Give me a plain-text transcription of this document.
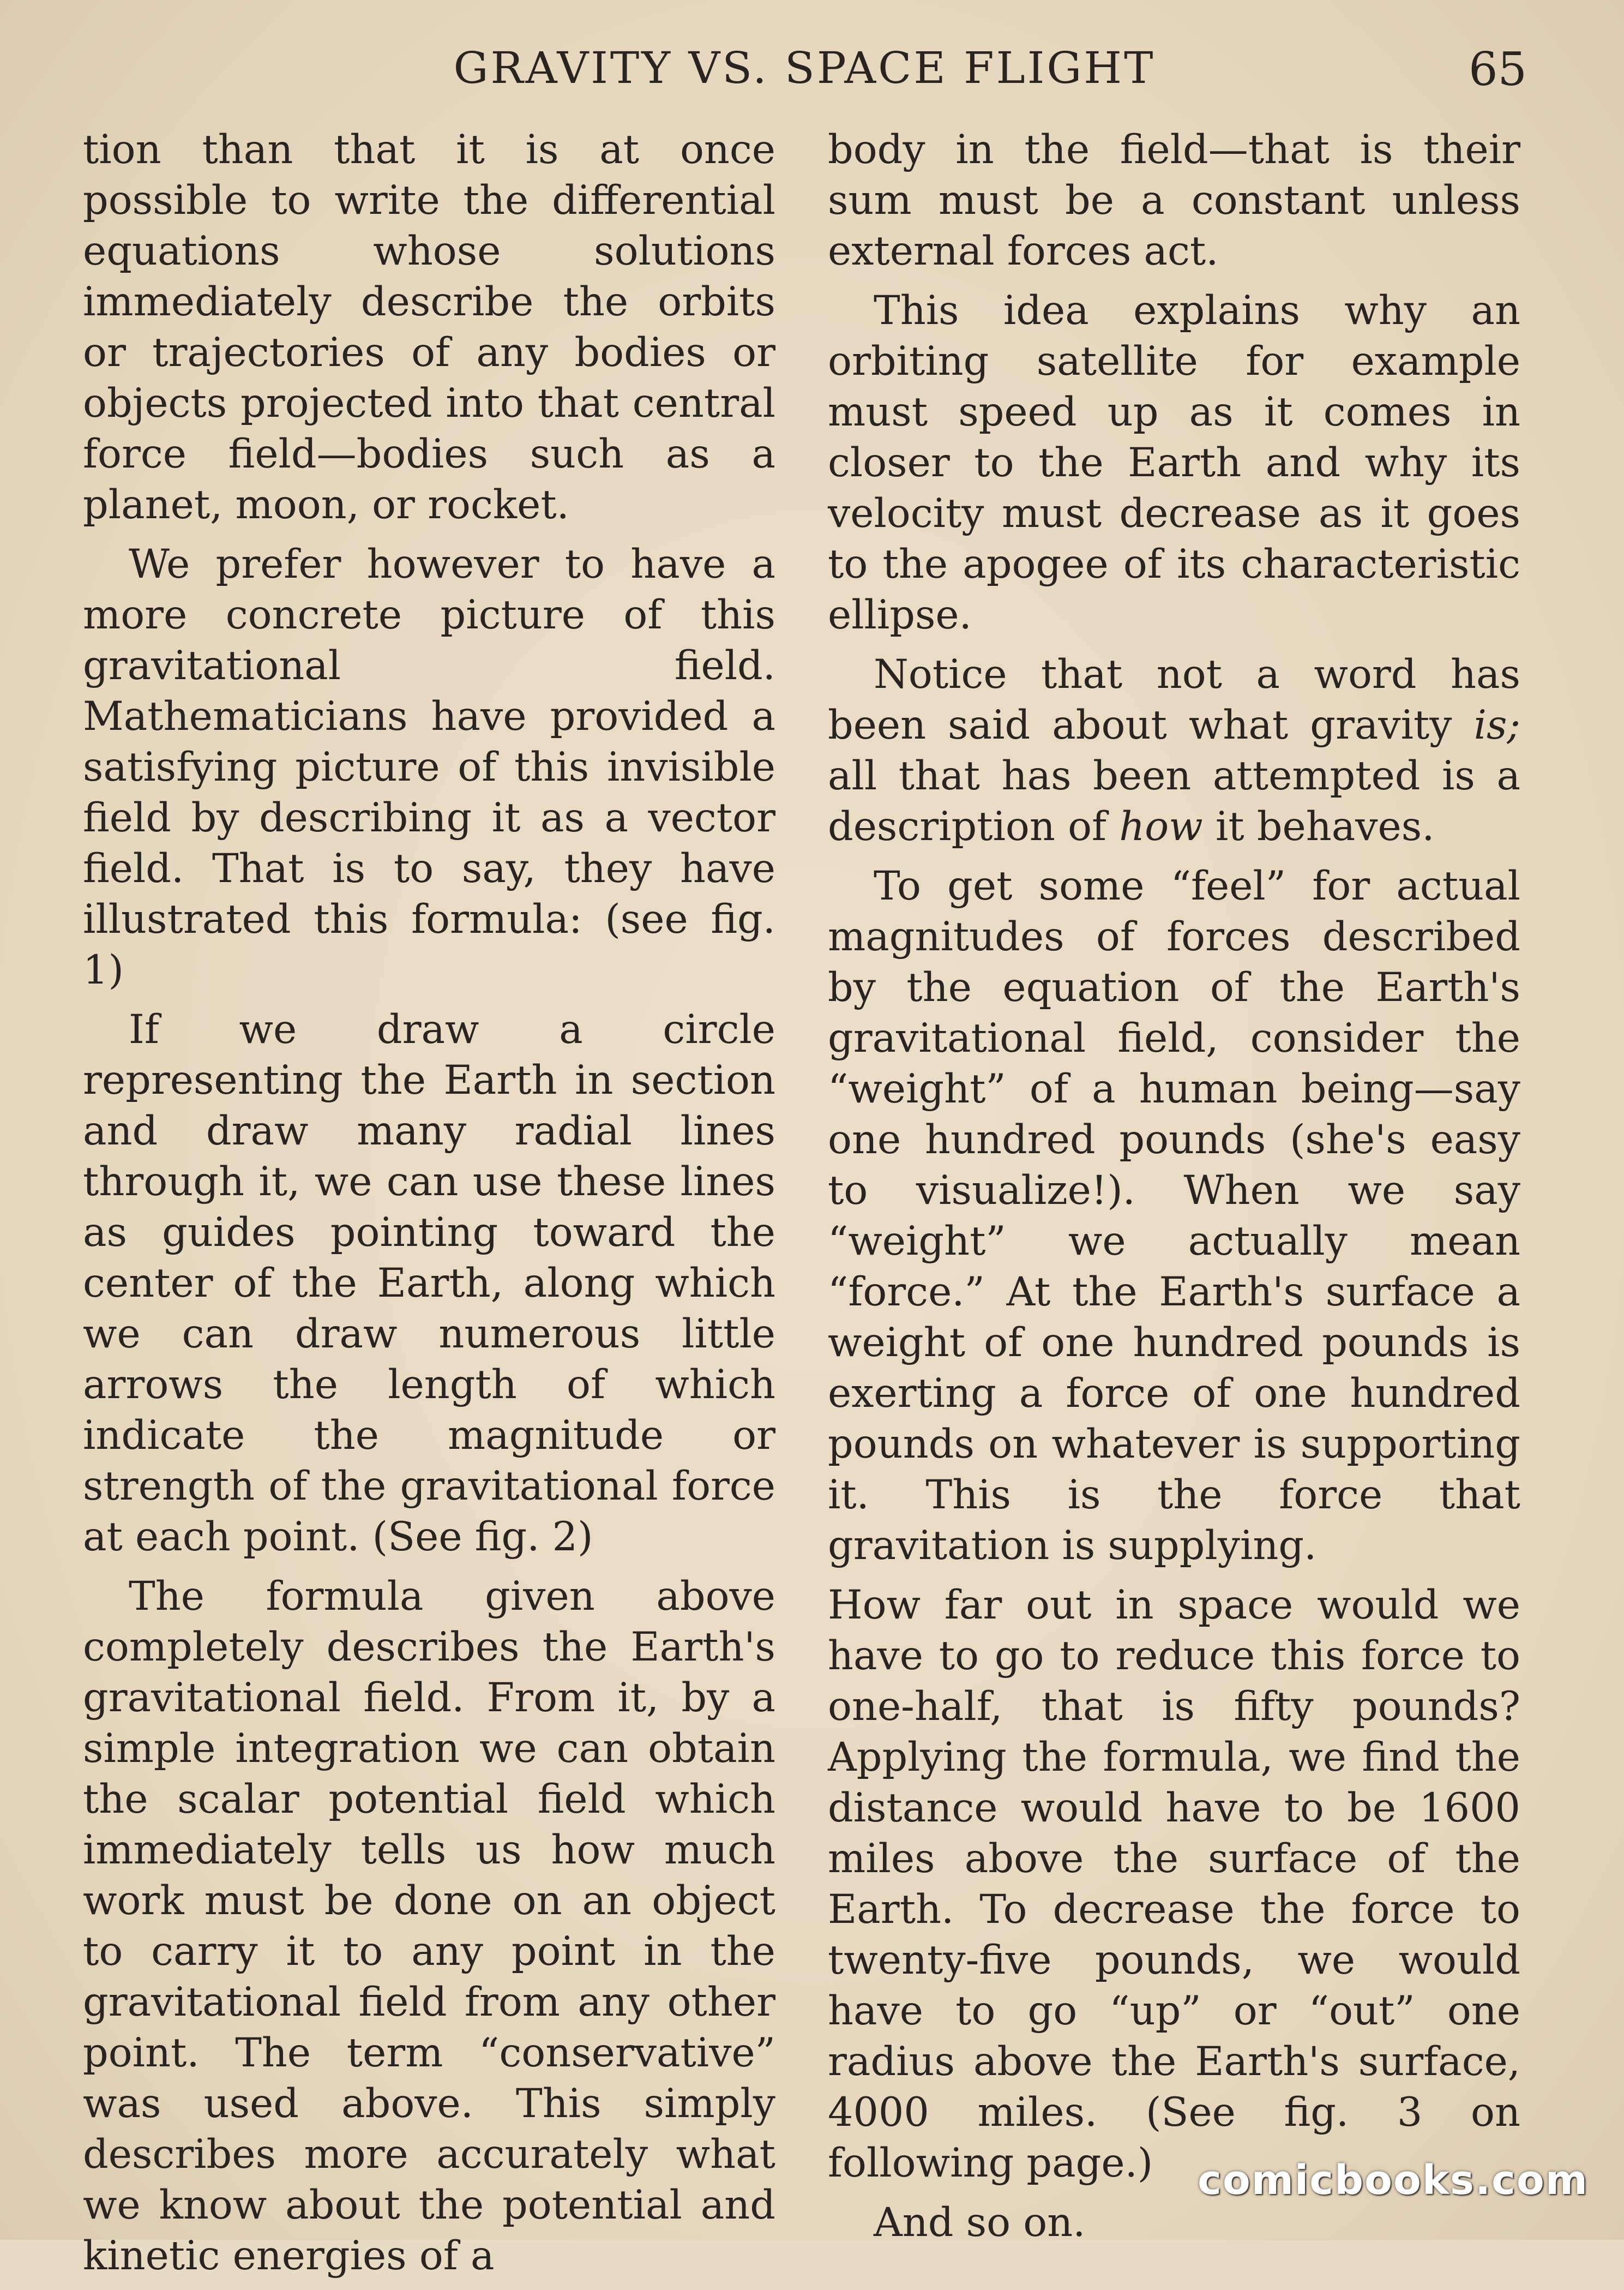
GRAVITY VS. SPACE FLIGHT	65

tion than that it is at once possible to write the differential equations whose solutions immediately describe the orbits or trajectories of any bodies or objects projected into that central force field—bodies such as a planet, moon, or rocket.

We prefer however to have a more concrete picture of this gravitational field. Mathematicians have provided a satisfying picture of this invisible field by describing it as a vector field. That is to say, they have illustrated this formula: (see fig. 1)

If we draw a circle representing the Earth in section and draw many radial lines through it, we can use these lines as guides pointing toward the center of the Earth, along which we can draw numerous little arrows the length of which indicate the magnitude or strength of the gravitational force at each point. (See fig. 2)

The formula given above completely describes the Earth's gravitational field. From it, by a simple integration we can obtain the scalar potential field which immediately tells us how much work must be done on an object to carry it to any point in the gravitational field from any other point. The term “conservative” was used above. This simply describes more accurately what we know about the potential and kinetic energies of a

body in the field—that is their sum must be a constant unless external forces act.

This idea explains why an orbiting satellite for example must speed up as it comes in closer to the Earth and why its velocity must decrease as it goes to the apogee of its characteristic ellipse.

Notice that not a word has been said about what gravity is; all that has been attempted is a description of how it behaves.

To get some “feel” for actual magnitudes of forces described by the equation of the Earth's gravitational field, consider the “weight” of a human being—say one hundred pounds (she's easy to visualize!). When we say “weight” we actually mean “force.” At the Earth's surface a weight of one hundred pounds is exerting a force of one hundred pounds on whatever is supporting it. This is the force that gravitation is supplying.

How far out in space would we have to go to reduce this force to one-half, that is fifty pounds? Applying the formula, we find the distance would have to be 1600 miles above the surface of the Earth. To decrease the force to twenty-five pounds, we would have to go “up” or “out” one radius above the Earth's surface, 4000 miles. (See fig. 3 on following page.)

And so on.

comicbooks.com
